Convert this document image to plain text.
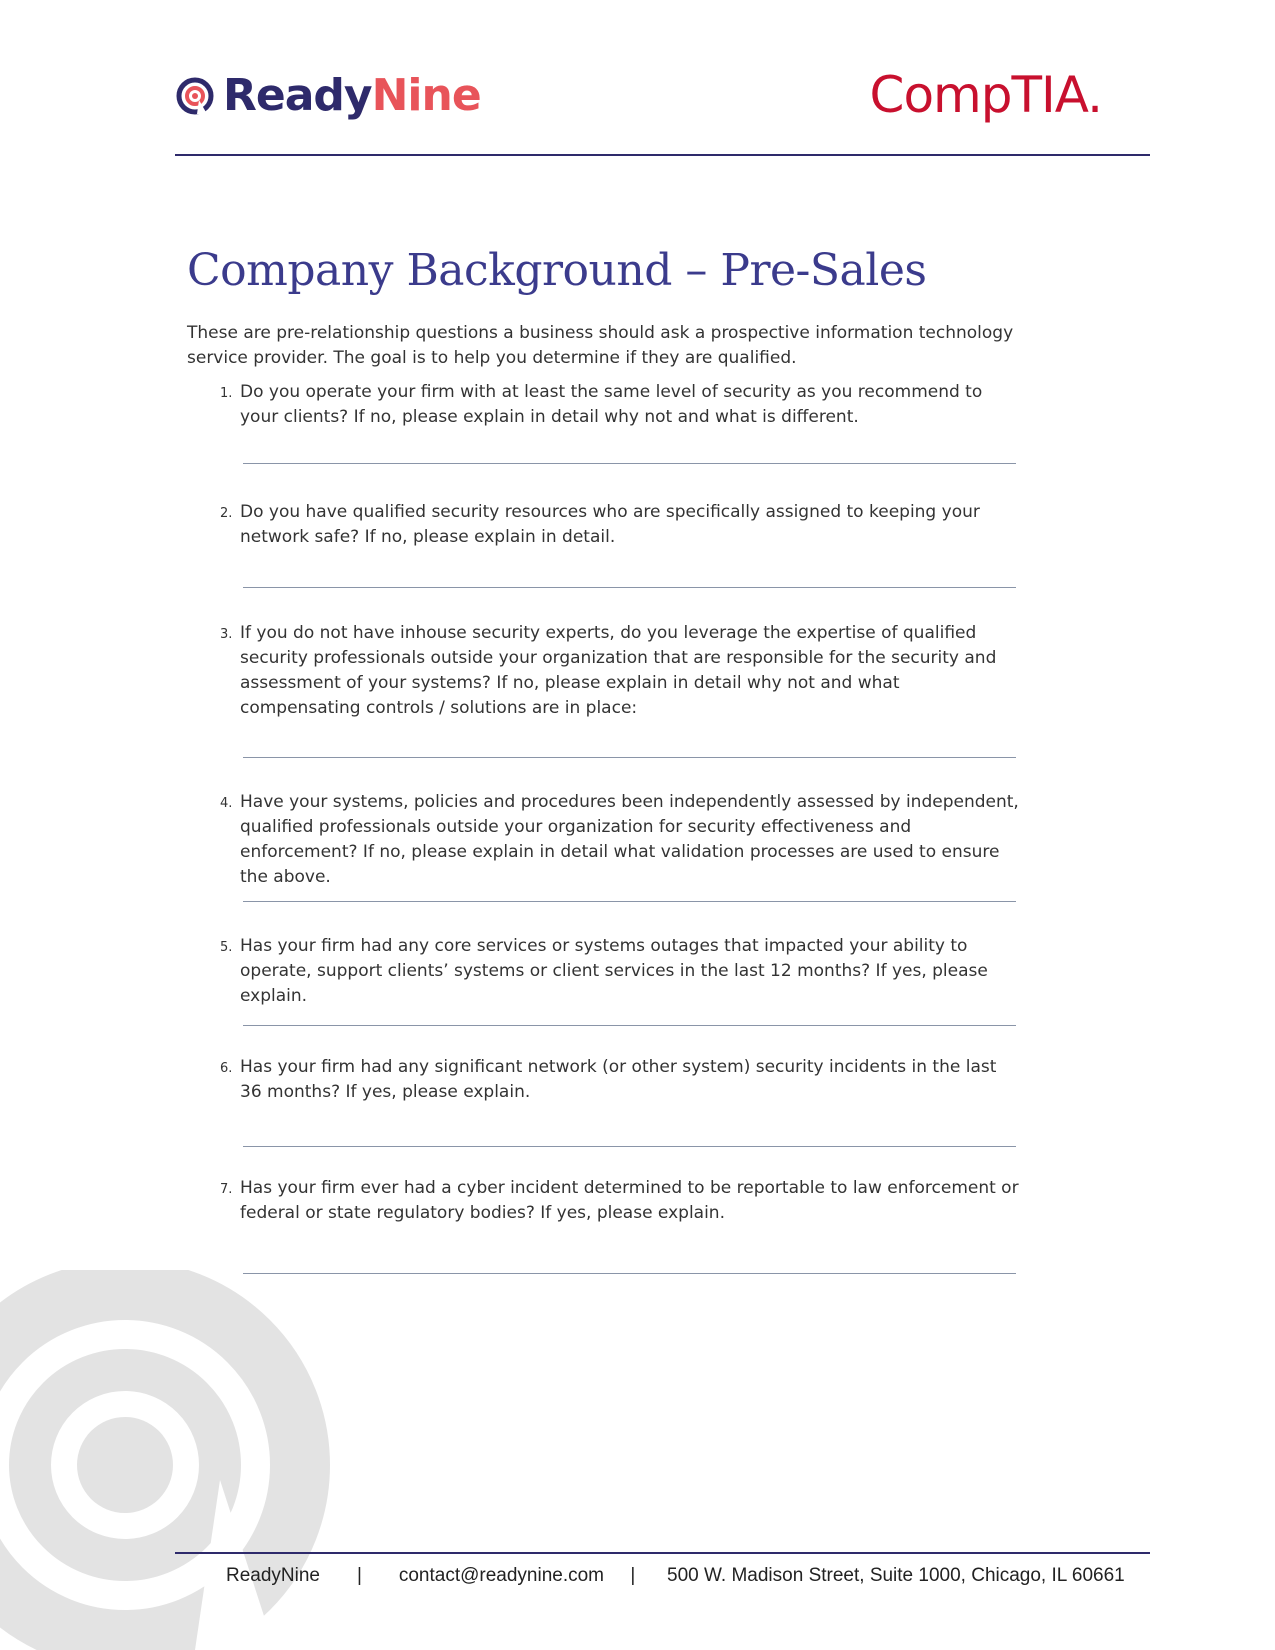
ReadyNine	CompTIA.
Company Background – Pre-Sales

These are pre-relationship questions a business should ask a prospective information technology service provider. The goal is to help you determine if they are qualified.

1. Do you operate your firm with at least the same level of security as you recommend to your clients? If no, please explain in detail why not and what is different.
2. Do you have qualified security resources who are specifically assigned to keeping your network safe? If no, please explain in detail.
3. If you do not have inhouse security experts, do you leverage the expertise of qualified security professionals outside your organization that are responsible for the security and assessment of your systems? If no, please explain in detail why not and what compensating controls / solutions are in place:
4. Have your systems, policies and procedures been independently assessed by independent, qualified professionals outside your organization for security effectiveness and enforcement? If no, please explain in detail what validation processes are used to ensure the above.
5. Has your firm had any core services or systems outages that impacted your ability to operate, support clients’ systems or client services in the last 12 months? If yes, please explain.
6. Has your firm had any significant network (or other system) security incidents in the last 36 months? If yes, please explain.
7. Has your firm ever had a cyber incident determined to be reportable to law enforcement or federal or state regulatory bodies? If yes, please explain.
ReadyNine | contact@readynine.com | 500 W. Madison Street, Suite 1000, Chicago, IL 60661
